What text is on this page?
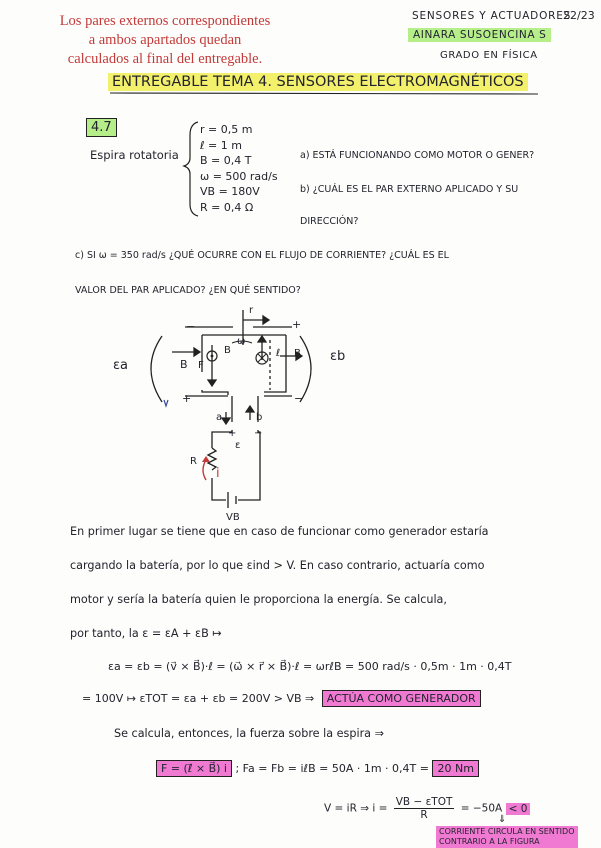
Los pares externos correspondientes
a ambos apartados quedan
calculados al final del entregable.
SENSORES Y ACTUADORES
22/23
AINARA SUSOENCINA S
GRADO EN FÍSICA
ENTREGABLE TEMA 4. SENSORES ELECTROMAGNÉTICOS
4.7
Espira rotatoria
r = 0,5 m
ℓ = 1 m
B = 0,4 T
ω = 500 rad/s
VB = 180V
R = 0,4 Ω
a) ESTÁ FUNCIONANDO COMO MOTOR O GENER?
b) ¿CUÁL ES EL PAR EXTERNO APLICADO Y SU
DIRECCIÓN?
c) SI ω = 350 rad/s ¿QUÉ OCURRE CON EL FLUJO DE CORRIENTE? ¿CUÁL ES EL
VALOR DEL PAR APLICADO? ¿EN QUÉ SENTIDO?
εa
εb
r
B F
B
ω
ℓ B
a	b
ε
R
i
VB
+
+
−
−
+ −
En primer lugar se tiene que en caso de funcionar como generador estaría
cargando la batería, por lo que εind > V. En caso contrario, actuaría como
motor y sería la batería quien le proporciona la energía. Se calcula,
por tanto, la ε = εA + εB ↦
εa = εb = (v⃗ × B⃗)·ℓ = (ω⃗ × r⃗ × B⃗)·ℓ = ωrℓB = 500 rad/s · 0,5m · 1m · 0,4T
= 100V ↦ εTOT = εa + εb = 200V > VB ⇒ ACTÚA COMO GENERADOR
Se calcula, entonces, la fuerza sobre la espira ⇒
F = (ℓ⃗ × B⃗) i ; Fa = Fb = iℓB = 50A · 1m · 0,4T = 20 Nm
V = iR ⇒ i =
VB − εTOT
R
= −50A < 0
⇓
CORRIENTE CIRCULA EN SENTIDO
CONTRARIO A LA FIGURA
